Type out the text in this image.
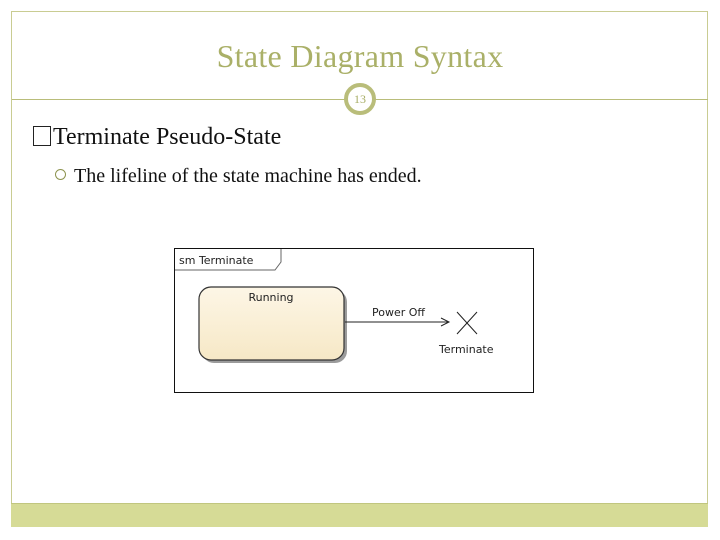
State Diagram Syntax
13
Terminate Pseudo-State
The lifeline of the state machine has ended.
sm Terminate
Running
Power Off
Terminate
